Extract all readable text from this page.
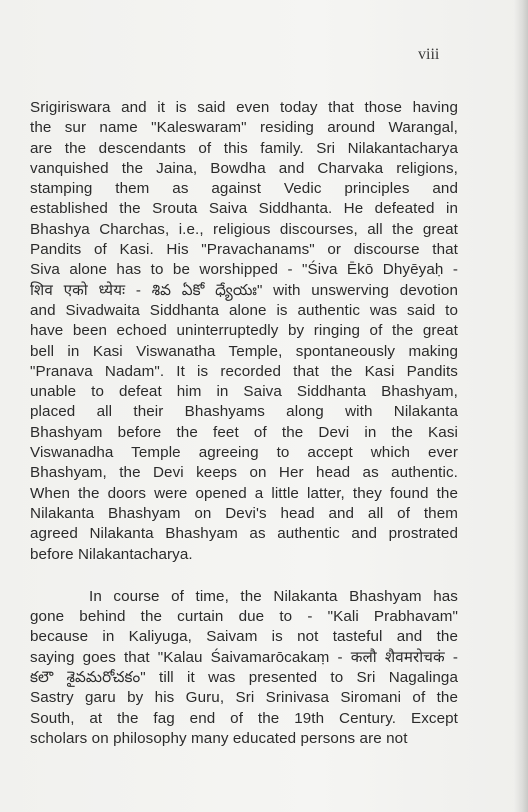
viii
Srigiriswara and it is said even today that those having
the sur name "Kaleswaram" residing around Warangal,
are the descendants of this family. Sri Nilakantacharya
vanquished the Jaina, Bowdha and Charvaka religions,
stamping them as against Vedic principles and
established the Srouta Saiva Siddhanta. He defeated in
Bhashya Charchas, i.e., religious discourses, all the great
Pandits of Kasi. His "Pravachanams" or discourse that
Siva alone has to be worshipped - "Śiva Ēkō Dhyēyaḥ -
शिव एको ध्येयः - శివ ఏకో ధ్యేయః" with unswerving devotion
and Sivadwaita Siddhanta alone is authentic was said to
have been echoed uninterruptedly by ringing of the great
bell in Kasi Viswanatha Temple, spontaneously making
"Pranava Nadam". It is recorded that the Kasi Pandits
unable to defeat him in Saiva Siddhanta Bhashyam,
placed all their Bhashyams along with Nilakanta
Bhashyam before the feet of the Devi in the Kasi
Viswanadha Temple agreeing to accept which ever
Bhashyam, the Devi keeps on Her head as authentic.
When the doors were opened a little latter, they found the
Nilakanta Bhashyam on Devi's head and all of them
agreed Nilakanta Bhashyam as authentic and prostrated
before Nilakantacharya.
In course of time, the Nilakanta Bhashyam has
gone behind the curtain due to - "Kali Prabhavam"
because in Kaliyuga, Saivam is not tasteful and the
saying goes that "Kalau Śaivamarōcakaṃ - कलौ शैवमरोचकं -
కలౌ శైవమరోచకం" till it was presented to Sri Nagalinga
Sastry garu by his Guru, Sri Srinivasa Siromani of the
South, at the fag end of the 19th Century. Except
scholars on philosophy many educated persons are not
